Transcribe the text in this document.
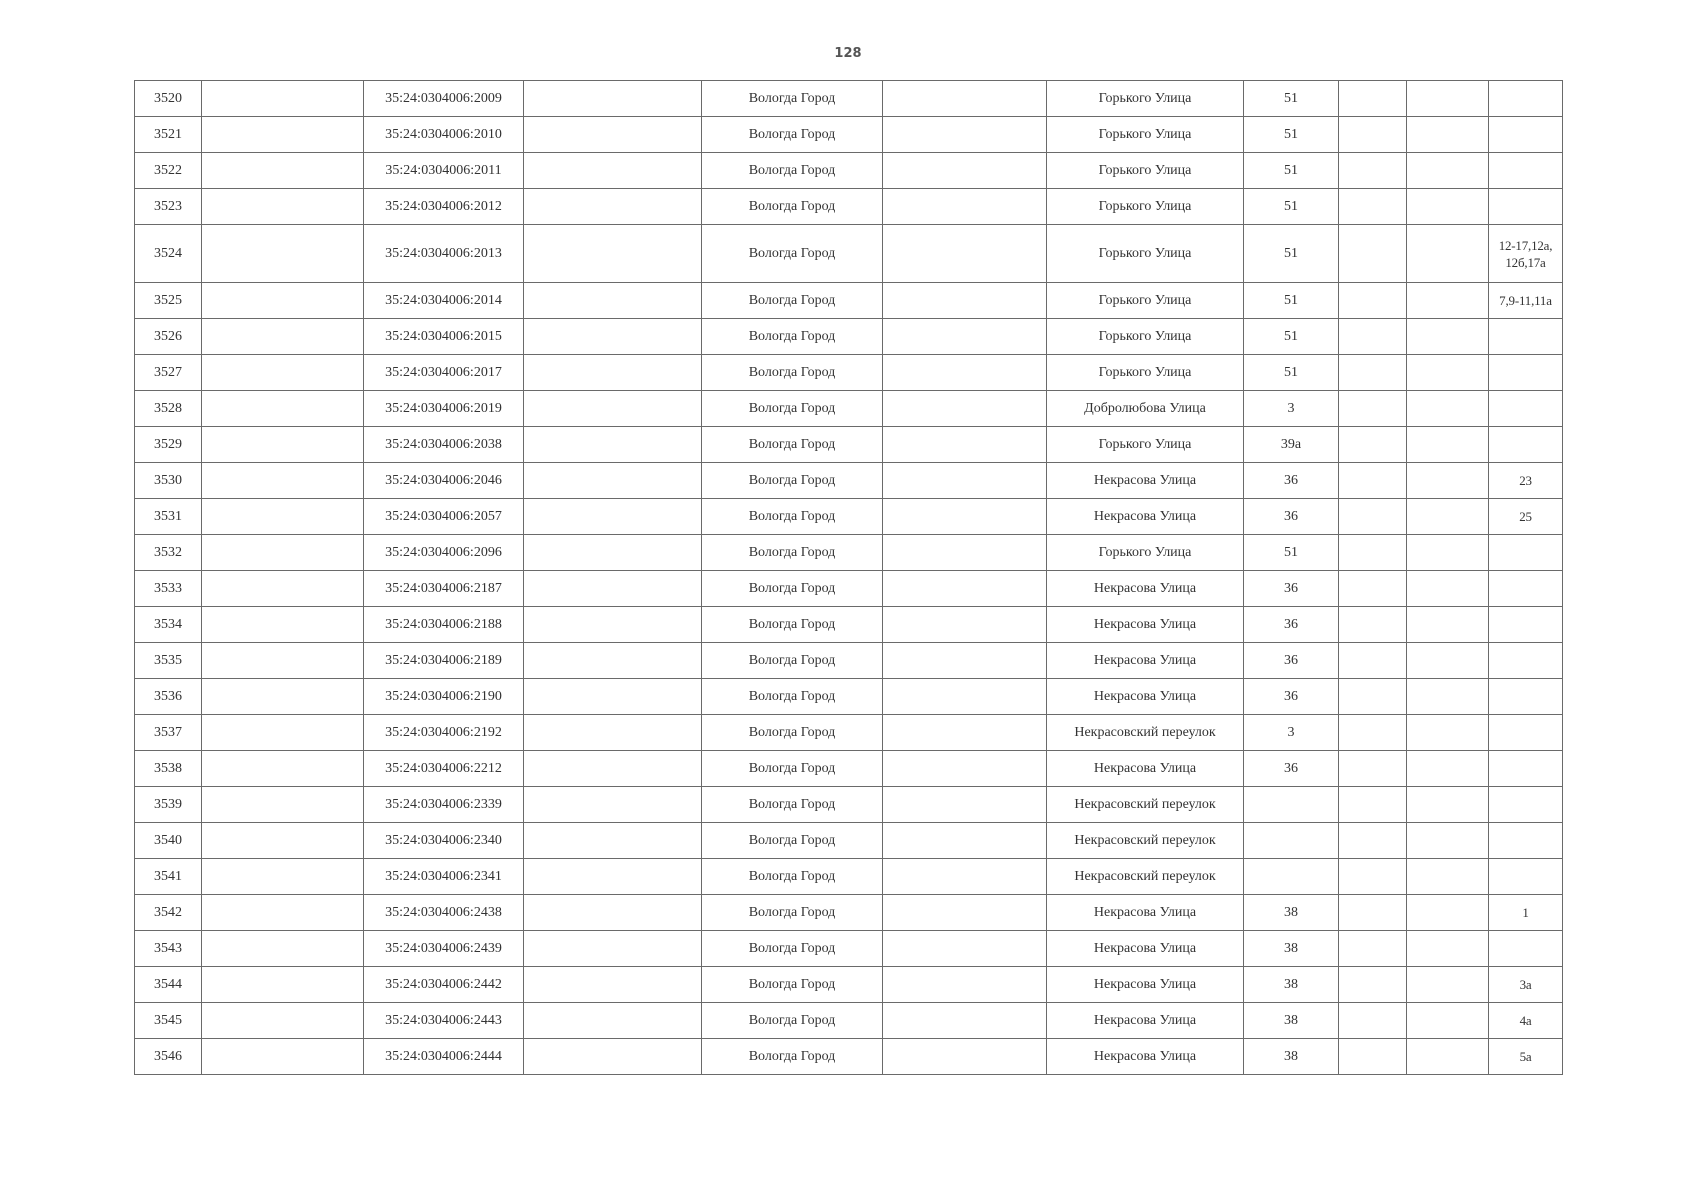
128
3520		35:24:0304006:2009		Вологда Город		Горького Улица	51			
3521		35:24:0304006:2010		Вологда Город		Горького Улица	51			
3522		35:24:0304006:2011		Вологда Город		Горького Улица	51			
3523		35:24:0304006:2012		Вологда Город		Горького Улица	51			
3524		35:24:0304006:2013		Вологда Город		Горького Улица	51			12-17,12а, 12б,17а
3525		35:24:0304006:2014		Вологда Город		Горького Улица	51			7,9-11,11а
3526		35:24:0304006:2015		Вологда Город		Горького Улица	51			
3527		35:24:0304006:2017		Вологда Город		Горького Улица	51			
3528		35:24:0304006:2019		Вологда Город		Добролюбова Улица	3			
3529		35:24:0304006:2038		Вологда Город		Горького Улица	39а			
3530		35:24:0304006:2046		Вологда Город		Некрасова Улица	36			23
3531		35:24:0304006:2057		Вологда Город		Некрасова Улица	36			25
3532		35:24:0304006:2096		Вологда Город		Горького Улица	51			
3533		35:24:0304006:2187		Вологда Город		Некрасова Улица	36			
3534		35:24:0304006:2188		Вологда Город		Некрасова Улица	36			
3535		35:24:0304006:2189		Вологда Город		Некрасова Улица	36			
3536		35:24:0304006:2190		Вологда Город		Некрасова Улица	36			
3537		35:24:0304006:2192		Вологда Город		Некрасовский переулок	3			
3538		35:24:0304006:2212		Вологда Город		Некрасова Улица	36			
3539		35:24:0304006:2339		Вологда Город		Некрасовский переулок				
3540		35:24:0304006:2340		Вологда Город		Некрасовский переулок				
3541		35:24:0304006:2341		Вологда Город		Некрасовский переулок				
3542		35:24:0304006:2438		Вологда Город		Некрасова Улица	38			1
3543		35:24:0304006:2439		Вологда Город		Некрасова Улица	38			
3544		35:24:0304006:2442		Вологда Город		Некрасова Улица	38			3а
3545		35:24:0304006:2443		Вологда Город		Некрасова Улица	38			4а
3546		35:24:0304006:2444		Вологда Город		Некрасова Улица	38			5а
